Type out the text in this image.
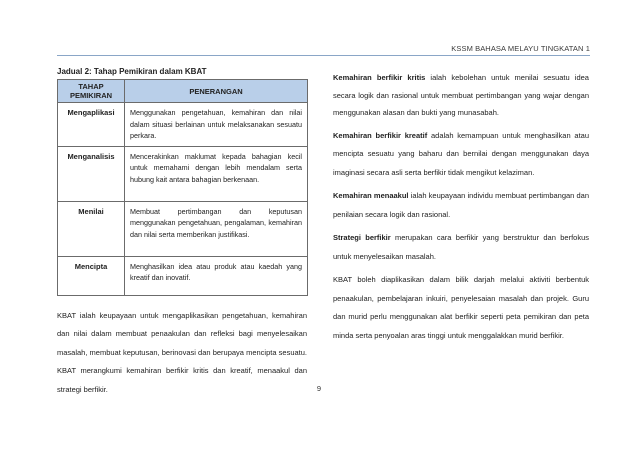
KSSM BAHASA MELAYU TINGKATAN 1
Jadual 2: Tahap Pemikiran dalam KBAT
TAHAP PEMIKIRAN	PENERANGAN
Mengaplikasi	Menggunakan pengetahuan, kemahiran dan nilai dalam situasi berlainan untuk melaksanakan sesuatu perkara.
Menganalisis	Mencerakinkan maklumat kepada bahagian kecil untuk memahami dengan lebih mendalam serta hubung kait antara bahagian berkenaan.
Menilai	Membuat pertimbangan dan keputusan menggunakan pengetahuan, pengalaman, kemahiran dan nilai serta memberikan justifikasi.
Mencipta	Menghasilkan idea atau produk atau kaedah yang kreatif dan inovatif.

KBAT ialah keupayaan untuk mengaplikasikan pengetahuan, kemahiran dan nilai dalam membuat penaakulan dan refleksi bagi menyelesaikan masalah, membuat keputusan, berinovasi dan berupaya mencipta sesuatu. KBAT merangkumi kemahiran berfikir kritis dan kreatif, menaakul dan strategi berfikir.

Kemahiran berfikir kritis ialah kebolehan untuk menilai sesuatu idea secara logik dan rasional untuk membuat pertimbangan yang wajar dengan menggunakan alasan dan bukti yang munasabah.

Kemahiran berfikir kreatif adalah kemampuan untuk menghasilkan atau mencipta sesuatu yang baharu dan bernilai dengan menggunakan daya imaginasi secara asli serta berfikir tidak mengikut kelaziman.

Kemahiran menaakul ialah keupayaan individu membuat pertimbangan dan penilaian secara logik dan rasional.

Strategi berfikir merupakan cara berfikir yang berstruktur dan berfokus untuk menyelesaikan masalah.

KBAT boleh diaplikasikan dalam bilik darjah melalui aktiviti berbentuk penaakulan, pembelajaran inkuiri, penyelesaian masalah dan projek. Guru dan murid perlu menggunakan alat berfikir seperti peta pemikiran dan peta minda serta penyoalan aras tinggi untuk menggalakkan murid berfikir.

9
